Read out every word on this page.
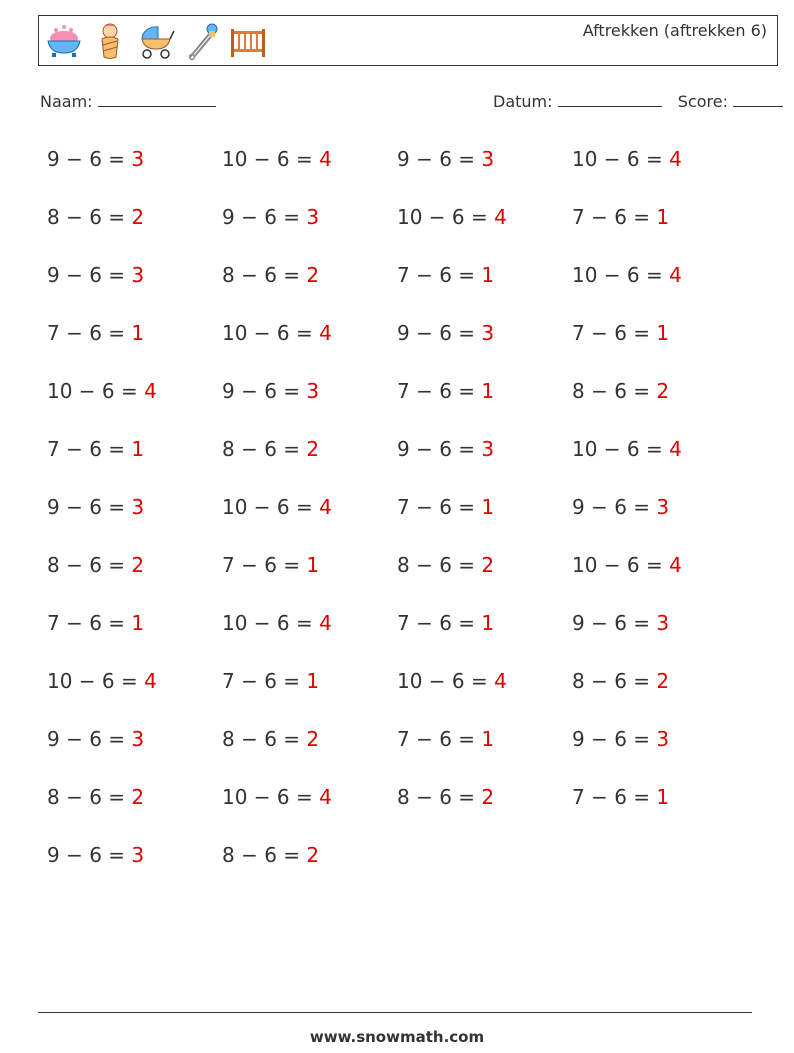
Aftrekken (aftrekken 6)
Naam:	Datum:	Score:
9 − 6 = 3	10 − 6 = 4	9 − 6 = 3	10 − 6 = 4
8 − 6 = 2	9 − 6 = 3	10 − 6 = 4	7 − 6 = 1
9 − 6 = 3	8 − 6 = 2	7 − 6 = 1	10 − 6 = 4
7 − 6 = 1	10 − 6 = 4	9 − 6 = 3	7 − 6 = 1
10 − 6 = 4	9 − 6 = 3	7 − 6 = 1	8 − 6 = 2
7 − 6 = 1	8 − 6 = 2	9 − 6 = 3	10 − 6 = 4
9 − 6 = 3	10 − 6 = 4	7 − 6 = 1	9 − 6 = 3
8 − 6 = 2	7 − 6 = 1	8 − 6 = 2	10 − 6 = 4
7 − 6 = 1	10 − 6 = 4	7 − 6 = 1	9 − 6 = 3
10 − 6 = 4	7 − 6 = 1	10 − 6 = 4	8 − 6 = 2
9 − 6 = 3	8 − 6 = 2	7 − 6 = 1	9 − 6 = 3
8 − 6 = 2	10 − 6 = 4	8 − 6 = 2	7 − 6 = 1
9 − 6 = 3	8 − 6 = 2
www.snowmath.com
